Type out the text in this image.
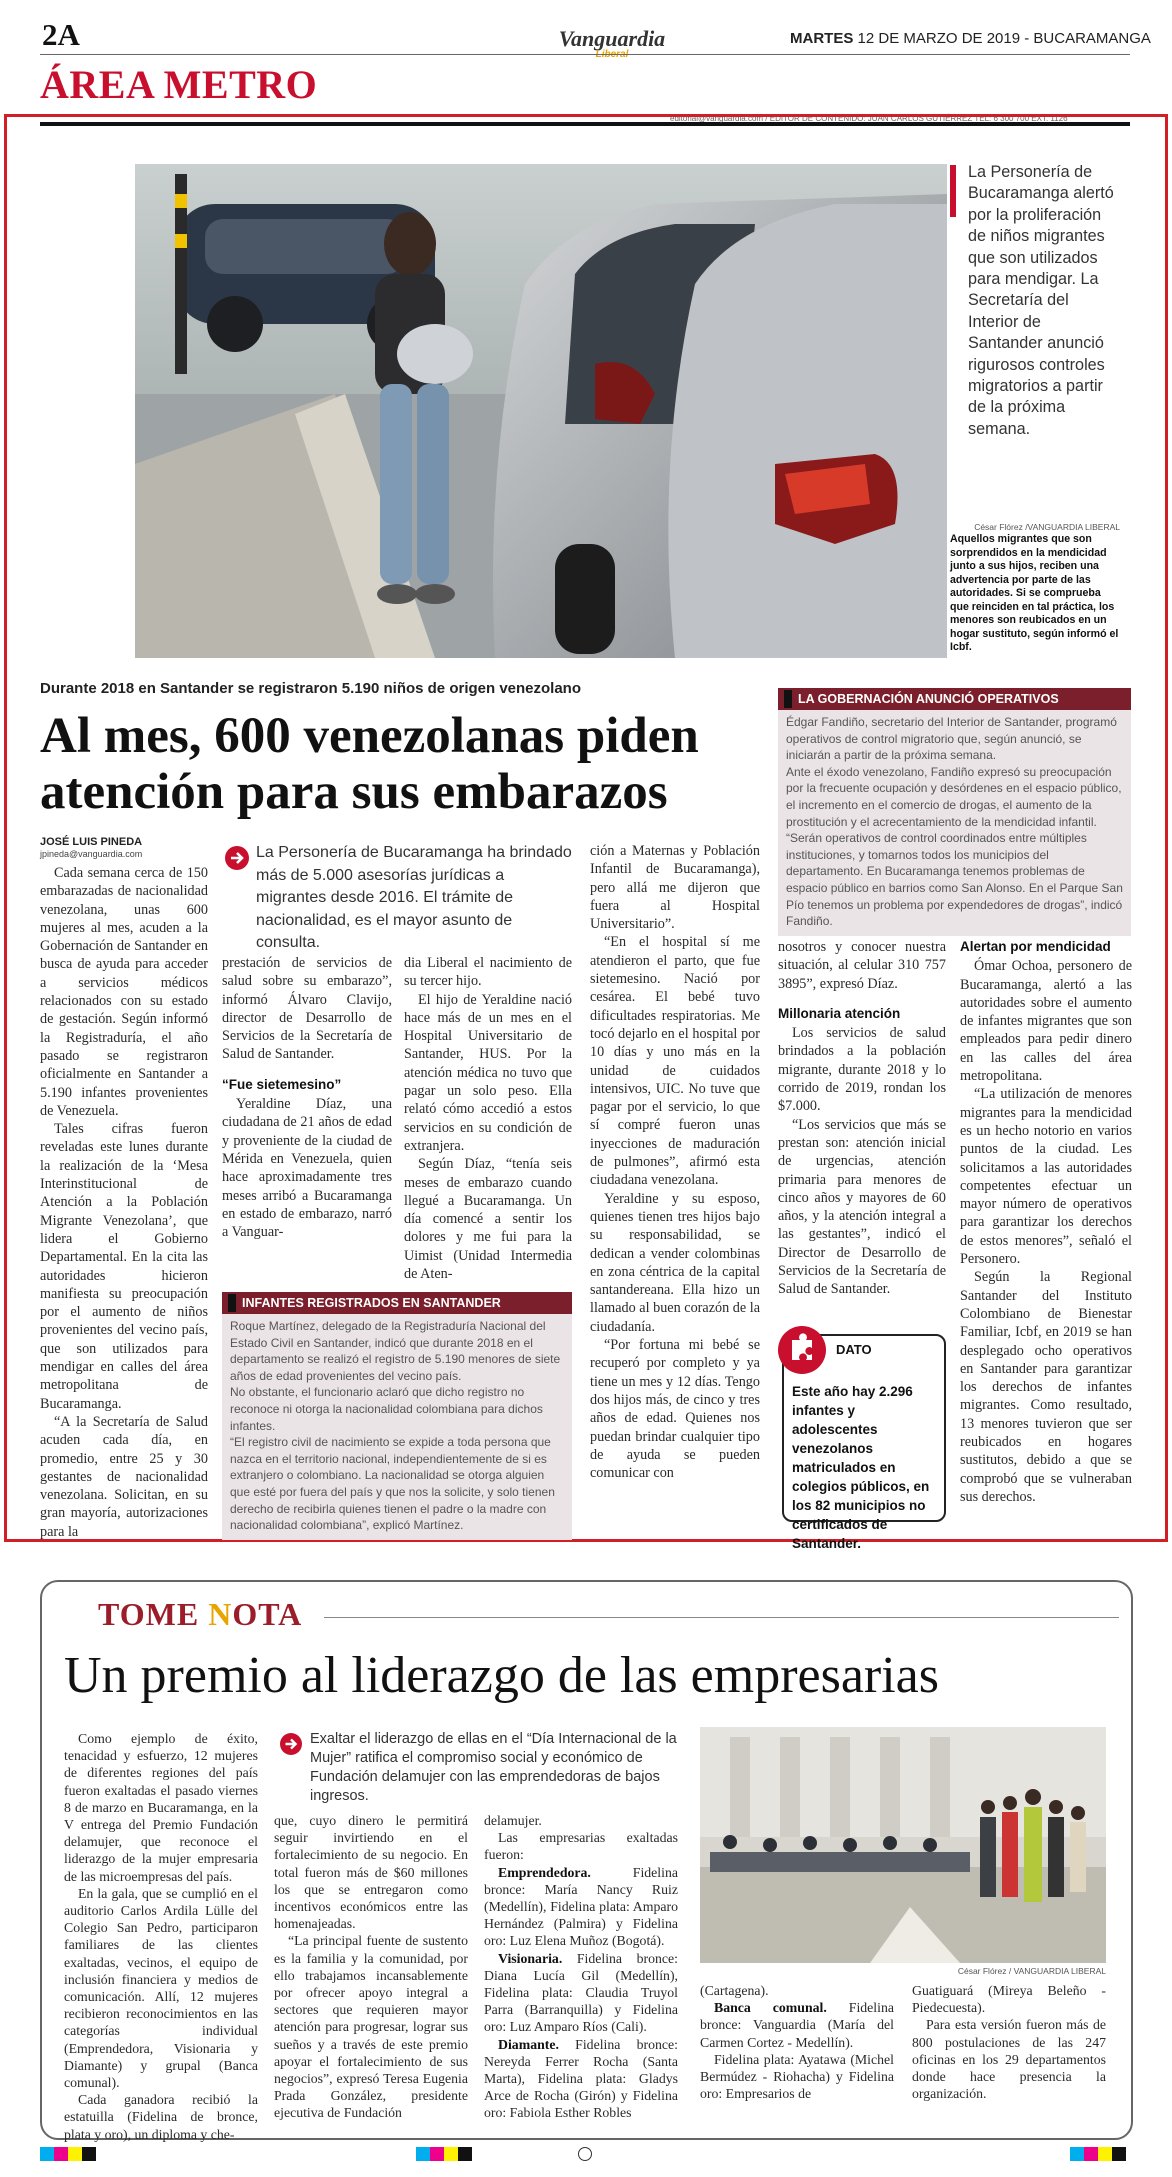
2A	Vanguardia	MARTES 12 DE MARZO DE 2019 - BUCARAMANGA
ÁREA METRO
editorial@vanguardia.com / EDITOR DE CONTENIDO: JUAN CARLOS GUTIÉRREZ TEL: 6 300 700 EXT. 1126
La Personería de Bucaramanga alertó por la proliferación de niños migrantes que son utilizados para mendigar. La Secretaría del Interior de Santander anunció rigurosos controles migratorios a partir de la próxima semana.
César Flórez /VANGUARDIA LIBERAL
Aquellos migrantes que son sorprendidos en la mendicidad junto a sus hijos, reciben una advertencia por parte de las autoridades. Si se comprueba que reinciden en tal práctica, los menores son reubicados en un hogar sustituto, según informó el Icbf.
Durante 2018 en Santander se registraron 5.190 niños de origen venezolano
Al mes, 600 venezolanas piden
atención para sus embarazos
JOSÉ LUIS PINEDA
jpineda@vanguardia.com

Cada semana cerca de 150 embarazadas de nacionalidad venezolana, unas 600 mujeres al mes, acuden a la Gobernación de Santander en busca de ayuda para acceder a servicios médicos relacionados con su estado de gestación. Según informó la Registraduría, el año pasado se registraron oficialmente en Santander a 5.190 infantes provenientes de Venezuela.

Tales cifras fueron reveladas este lunes durante la realización de la ‘Mesa Interinstitucional de Atención a la Población Migrante Venezolana’, que lidera el Gobierno Departamental. En la cita las autoridades hicieron manifiesta su preocupación por el aumento de niños provenientes del vecino país, que son utilizados para mendigar en calles del área metropolitana de Bucaramanga.

“A la Secretaría de Salud acuden cada día, en promedio, entre 25 y 30 gestantes de nacionalidad venezolana. Solicitan, en su gran mayoría, autorizaciones para la

La Personería de Bucaramanga ha brindado más de 5.000 asesorías jurídicas a migrantes desde 2016. El trámite de nacionalidad, es el mayor asunto de consulta.

prestación de servicios de salud sobre su embarazo”, informó Álvaro Clavijo, director de Desarrollo de Servicios de la Secretaría de Salud de Santander.

“Fue sietemesino”

Yeraldine Díaz, una ciudadana de 21 años de edad y proveniente de la ciudad de Mérida en Venezuela, quien hace aproximadamente tres meses arribó a Bucaramanga en estado de embarazo, narró a Vanguar-

dia Liberal el nacimiento de su tercer hijo.

El hijo de Yeraldine nació hace más de un mes en el Hospital Universitario de Santander, HUS. Por la atención médica no tuvo que pagar un solo peso. Ella relató cómo accedió a estos servicios en su condición de extranjera.

Según Díaz, “tenía seis meses de embarazo cuando llegué a Bucaramanga. Un día comencé a sentir los dolores y me fui para la Uimist (Unidad Intermedia de Aten-

INFANTES REGISTRADOS EN SANTANDER

Roque Martínez, delegado de la Registraduría Nacional del Estado Civil en Santander, indicó que durante 2018 en el departamento se realizó el registro de 5.190 menores de siete años de edad provenientes del vecino país.

No obstante, el funcionario aclaró que dicho registro no reconoce ni otorga la nacionalidad colombiana para dichos infantes.

“El registro civil de nacimiento se expide a toda persona que nazca en el territorio nacional, independientemente de si es extranjero o colombiano. La nacionalidad se otorga alguien que esté por fuera del país y que nos la solicite, y solo tienen derecho de recibirla quienes tienen el padre o la madre con nacionalidad colombiana”, explicó Martínez.

ción a Maternas y Población Infantil de Bucaramanga), pero allá me dijeron que fuera al Hospital Universitario”.

“En el hospital sí me atendieron el parto, que fue sietemesino. Nació por cesárea. El bebé tuvo dificultades respiratorias. Me tocó dejarlo en el hospital por 10 días y uno más en la unidad de cuidados intensivos, UIC. No tuve que pagar por el servicio, lo que sí compré fueron unas inyecciones de maduración de pulmones”, afirmó esta ciudadana venezolana.

Yeraldine y su esposo, quienes tienen tres hijos bajo su responsabilidad, se dedican a vender colombinas en zona céntrica de la capital santandereana. Ella hizo un llamado al buen corazón de la ciudadanía.

“Por fortuna mi bebé se recuperó por completo y ya tiene un mes y 12 días. Tengo dos hijos más, de cinco y tres años de edad. Quienes nos puedan brindar cualquier tipo de ayuda se pueden comunicar con

LA GOBERNACIÓN ANUNCIÓ OPERATIVOS

Édgar Fandiño, secretario del Interior de Santander, programó operativos de control migratorio que, según anunció, se iniciarán a partir de la próxima semana.

Ante el éxodo venezolano, Fandiño expresó su preocupación por la frecuente ocupación y desórdenes en el espacio público, el incremento en el comercio de drogas, el aumento de la prostitución y el acrecentamiento de la mendicidad infantil.

“Serán operativos de control coordinados entre múltiples instituciones, y tomarnos todos los municipios del departamento. En Bucaramanga tenemos problemas de espacio público en barrios como San Alonso. En el Parque San Pío tenemos un problema por expendedores de drogas”, indicó Fandiño.

nosotros y conocer nuestra situación, al celular 310 757 3895”, expresó Díaz.

Millonaria atención

Los servicios de salud brindados a la población migrante, durante 2018 y lo corrido de 2019, rondan los $7.000.

“Los servicios que más se prestan son: atención inicial de urgencias, atención primaria para menores de cinco años y mayores de 60 años, y la atención integral a las gestantes”, indicó el Director de Desarrollo de Servicios de la Secretaría de Salud de Santander.

DATO
Este año hay 2.296 infantes y adolescentes venezolanos matriculados en colegios públicos, en los 82 municipios no certificados de Santander.
Alertan por mendicidad

Ómar Ochoa, personero de Bucaramanga, alertó a las autoridades sobre el aumento de infantes migrantes que son empleados para pedir dinero en las calles del área metropolitana.

“La utilización de menores migrantes para la mendicidad es un hecho notorio en varios puntos de la ciudad. Les solicitamos a las autoridades competentes efectuar un mayor número de operativos para garantizar los derechos de estos menores”, señaló el Personero.

Según la Regional Santander del Instituto Colombiano de Bienestar Familiar, Icbf, en 2019 se han desplegado ocho operativos en Santander para garantizar los derechos de infantes migrantes. Como resultado, 13 menores tuvieron que ser reubicados en hogares sustitutos, debido a que se comprobó que se vulneraban sus derechos.

TOME NOTA
Un premio al liderazgo de las empresarias
Exaltar el liderazgo de ellas en el “Día Internacional de la Mujer” ratifica el compromiso social y económico de Fundación delamujer con las emprendedoras de bajos ingresos.

Como ejemplo de éxito, tenacidad y esfuerzo, 12 mujeres de diferentes regiones del país fueron exaltadas el pasado viernes 8 de marzo en Bucaramanga, en la V entrega del Premio Fundación delamujer, que reconoce el liderazgo de la mujer empresaria de las microempresas del país.

En la gala, que se cumplió en el auditorio Carlos Ardila Lülle del Colegio San Pedro, participaron familiares de las clientes exaltadas, vecinos, el equipo de inclusión financiera y medios de comunicación. Allí, 12 mujeres recibieron reconocimientos en las categorías individual (Emprendedora, Visionaria y Diamante) y grupal (Banca comunal).

Cada ganadora recibió la estatuilla (Fidelina de bronce, plata y oro), un diploma y che-

que, cuyo dinero le permitirá seguir invirtiendo en el fortalecimiento de su negocio. En total fueron más de $60 millones los que se entregaron como incentivos económicos entre las homenajeadas.

“La principal fuente de sustento es la familia y la comunidad, por ello trabajamos incansablemente por ofrecer apoyo integral a sectores que requieren mayor atención para progresar, lograr sus sueños y a través de este premio apoyar el fortalecimiento de sus negocios”, expresó Teresa Eugenia Prada González, presidente ejecutiva de Fundación

delamujer.

Las empresarias exaltadas fueron:

Emprendedora. Fidelina bronce: María Nancy Ruiz (Medellín), Fidelina plata: Amparo Hernández (Palmira) y Fidelina oro: Luz Elena Muñoz (Bogotá).

Visionaria. Fidelina bronce: Diana Lucía Gil (Medellín), Fidelina plata: Claudia Truyol Parra (Barranquilla) y Fidelina oro: Luz Amparo Ríos (Cali).

Diamante. Fidelina bronce: Nereyda Ferrer Rocha (Santa Marta), Fidelina plata: Gladys Arce de Rocha (Girón) y Fidelina oro: Fabiola Esther Robles

César Flórez / VANGUARDIA LIBERAL

(Cartagena).

Banca comunal. Fidelina bronce: Vanguardia (María del Carmen Cortez - Medellín).

Fidelina plata: Ayatawa (Michel Bermúdez - Riohacha) y Fidelina oro: Empresarios de

Guatiguará (Mireya Beleño - Piedecuesta).

Para esta versión fueron más de 800 postulaciones de las 247 oficinas en los 29 departamentos donde hace presencia la organización.
